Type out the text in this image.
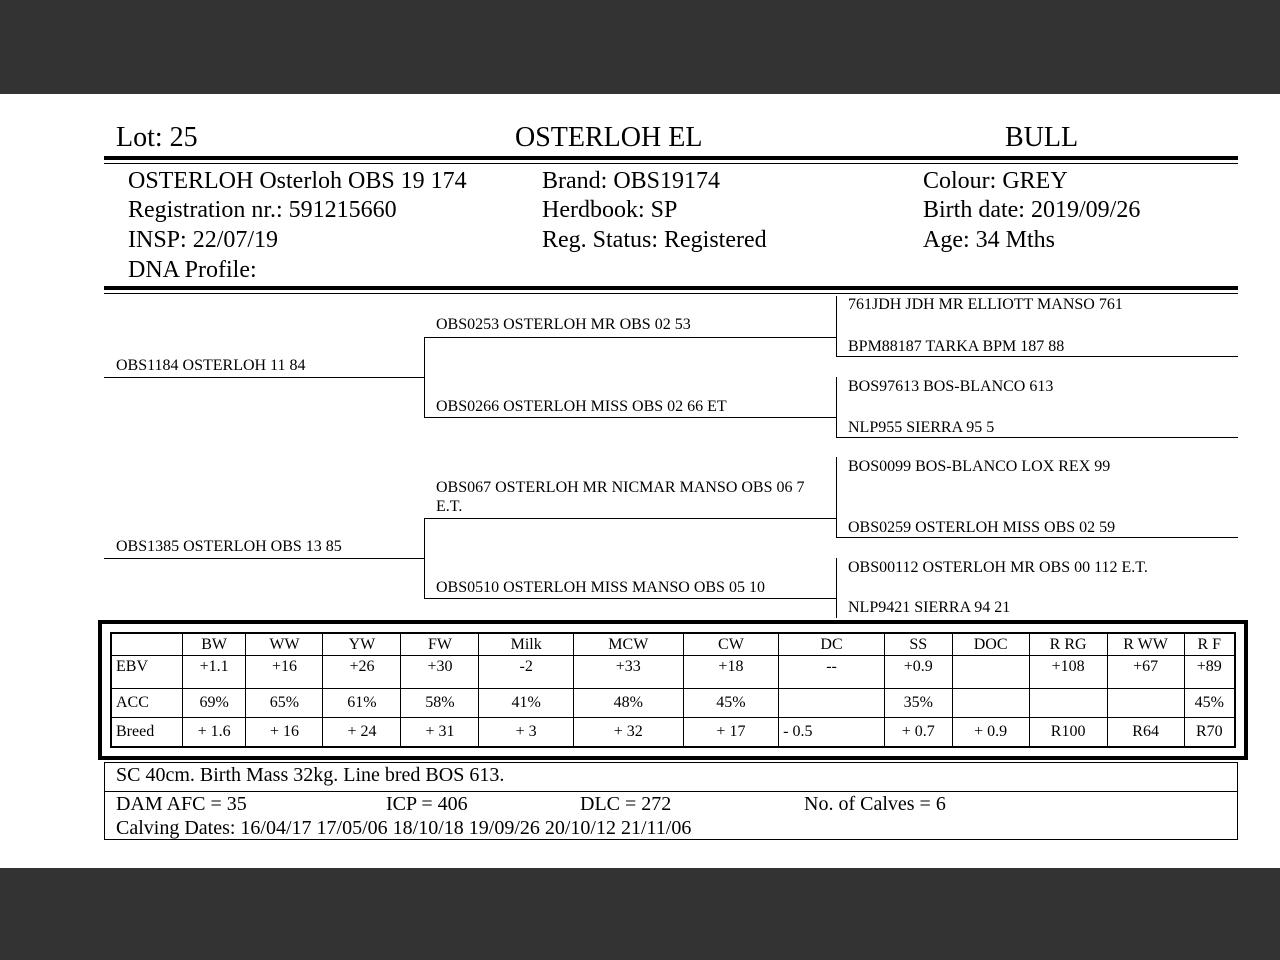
Lot: 25	OSTERLOH EL	BULL
OSTERLOH Osterloh OBS 19 174
Registration nr.: 591215660
INSP: 22/07/19
DNA Profile:
Brand: OBS19174
Herdbook: SP
Reg. Status: Registered
Colour: GREY
Birth date: 2019/09/26
Age: 34 Mths
OBS1184 OSTERLOH 11 84
OBS1385 OSTERLOH OBS 13 85
OBS0253 OSTERLOH MR OBS 02 53
OBS0266 OSTERLOH MISS OBS 02 66 ET
OBS067 OSTERLOH MR NICMAR MANSO OBS 06 7 E.T.
OBS0510 OSTERLOH MISS MANSO OBS 05 10
761JDH JDH MR ELLIOTT MANSO 761
BPM88187 TARKA BPM 187 88
BOS97613 BOS-BLANCO 613
NLP955 SIERRA 95 5
BOS0099 BOS-BLANCO LOX REX 99
OBS0259 OSTERLOH MISS OBS 02 59
OBS00112 OSTERLOH MR OBS 00 112 E.T.
NLP9421 SIERRA 94 21
	BW	WW	YW	FW	Milk	MCW	CW	DC	SS	DOC	R RG	R WW	R F
EBV	+1.1	+16	+26	+30	-2	+33	+18	--	+0.9		+108	+67	+89
ACC	69%	65%	61%	58%	41%	48%	45%		35%				45%
Breed	+ 1.6	+ 16	+ 24	+ 31	+ 3	+ 32	+ 17	- 0.5	+ 0.7	+ 0.9	R100	R64	R70
SC 40cm. Birth Mass 32kg. Line bred BOS 613.
DAM AFC = 35	ICP = 406	DLC = 272	No. of Calves = 6
Calving Dates: 16/04/17 17/05/06 18/10/18 19/09/26 20/10/12 21/11/06
